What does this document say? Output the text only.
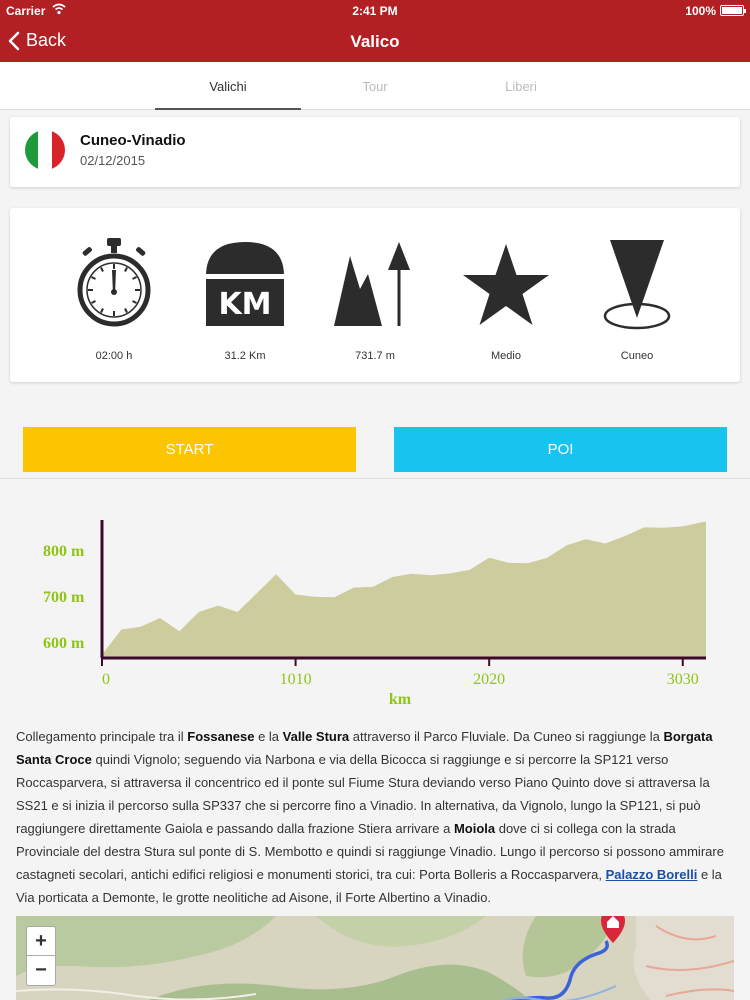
Carrier	2:41 PM	100%
Back	Valico
Valichi	Tour	Liberi
Cuneo-Vinadio
02/12/2015
02:00 h
KM
31.2 Km	731.7 m	Medio	Cuneo
START	POI
0	1010	2020	3030
600 m
700 m
800 m
km
Collegamento principale tra il Fossanese e la Valle Stura attraverso il Parco Fluviale. Da Cuneo si raggiunge la Borgata Santa Croce quindi Vignolo; seguendo via Narbona e via della Bicocca si raggiunge e si percorre la SP121 verso Roccasparvera, si attraversa il concentrico ed il ponte sul Fiume Stura deviando verso Piano Quinto dove si attraversa la SS21 e si inizia il percorso sulla SP337 che si percorre fino a Vinadio. In alternativa, da Vignolo, lungo la SP121, si può raggiungere direttamente Gaiola e passando dalla frazione Stiera arrivare a Moiola dove ci si collega con la strada Provinciale del destra Stura sul ponte di S. Membotto e quindi si raggiunge Vinadio. Lungo il percorso si possono ammirare castagneti secolari, antichi edifici religiosi e monumenti storici, tra cui: Porta Bolleris a Roccasparvera, Palazzo Borelli e la Via porticata a Demonte, le grotte neolitiche ad Aisone, il Forte Albertino a Vinadio.
+
−
